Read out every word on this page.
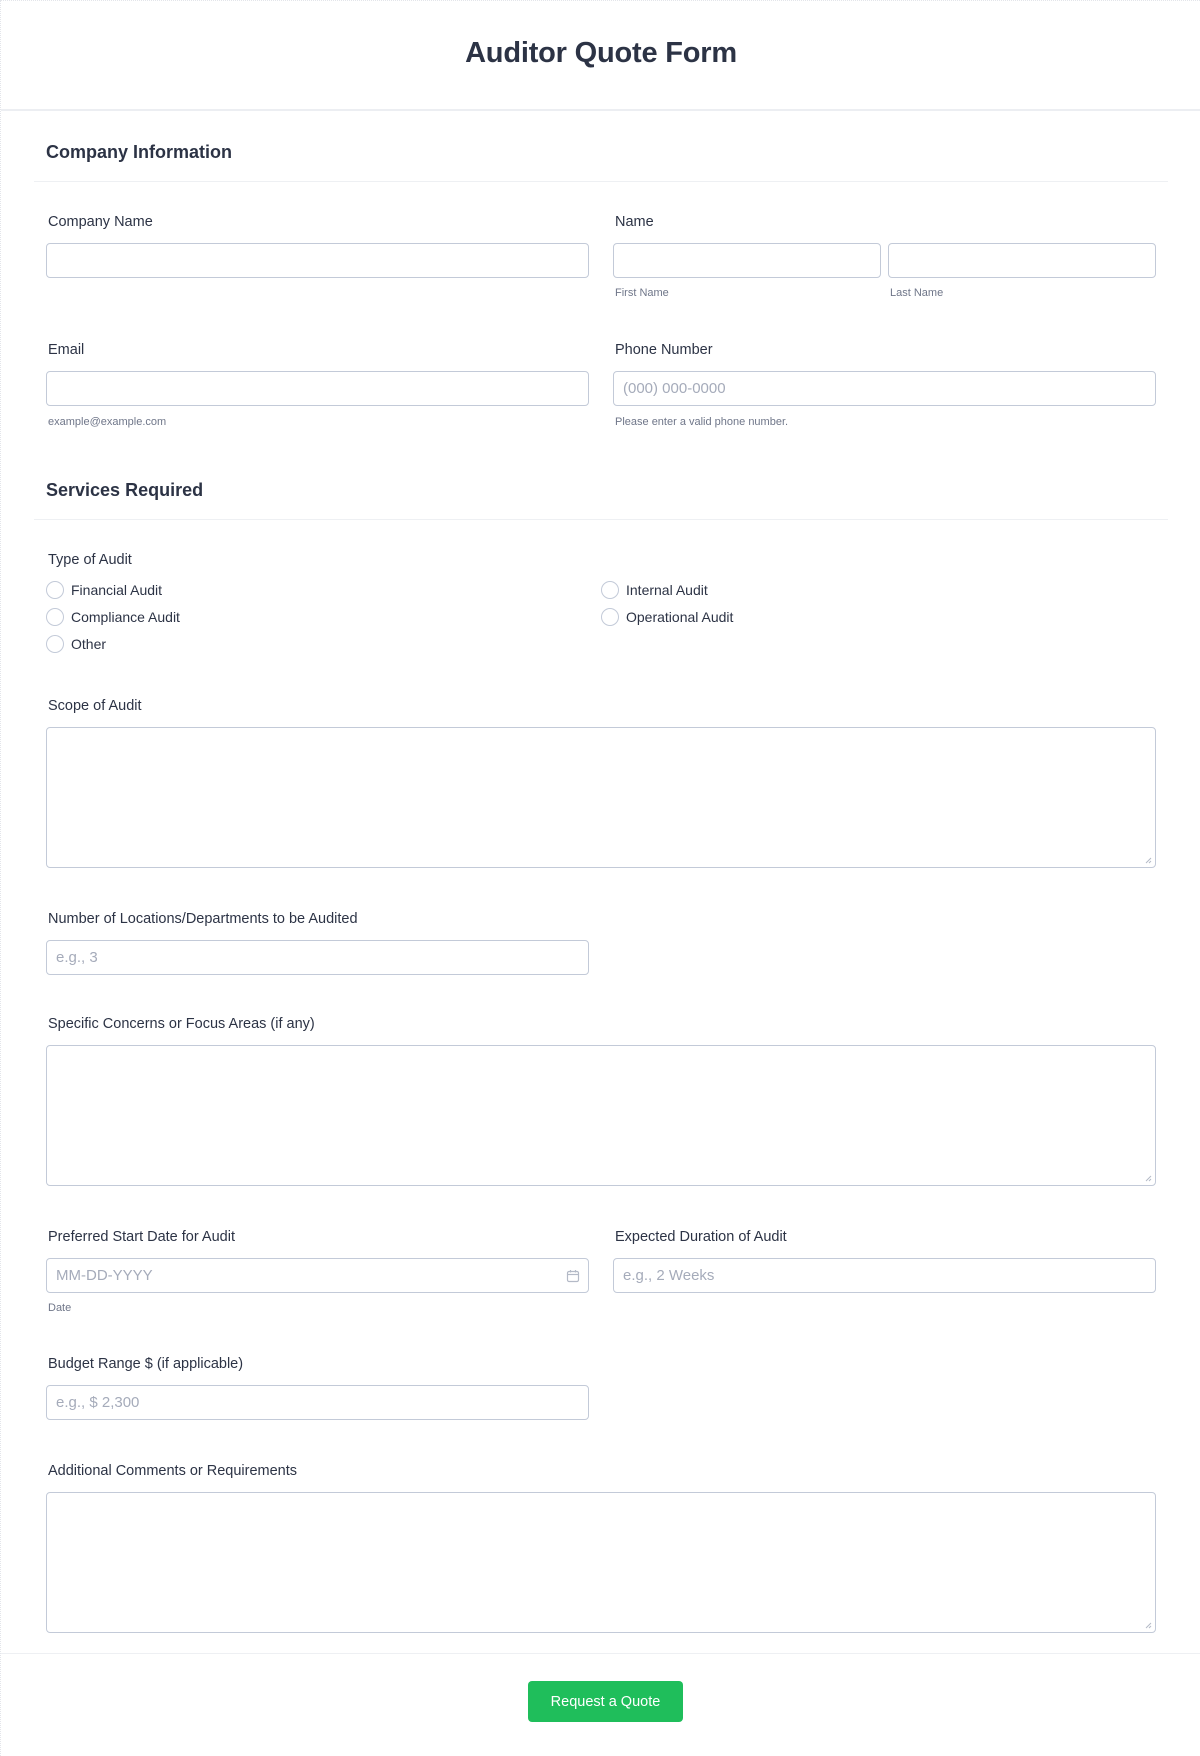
Auditor Quote Form
Company Information
Company Name	Name
First Name	Last Name
Email
example@example.com
Phone Number
(000) 000-0000
Please enter a valid phone number.
Services Required
Type of Audit
Financial Audit	Internal Audit
Compliance Audit	Operational Audit
Other
Scope of Audit
Number of Locations/Departments to be Audited
e.g., 3
Specific Concerns or Focus Areas (if any)
Preferred Start Date for Audit
MM-DD-YYYY
Date
Expected Duration of Audit
e.g., 2 Weeks
Budget Range $ (if applicable)
e.g., $ 2,300
Additional Comments or Requirements
Request a Quote
